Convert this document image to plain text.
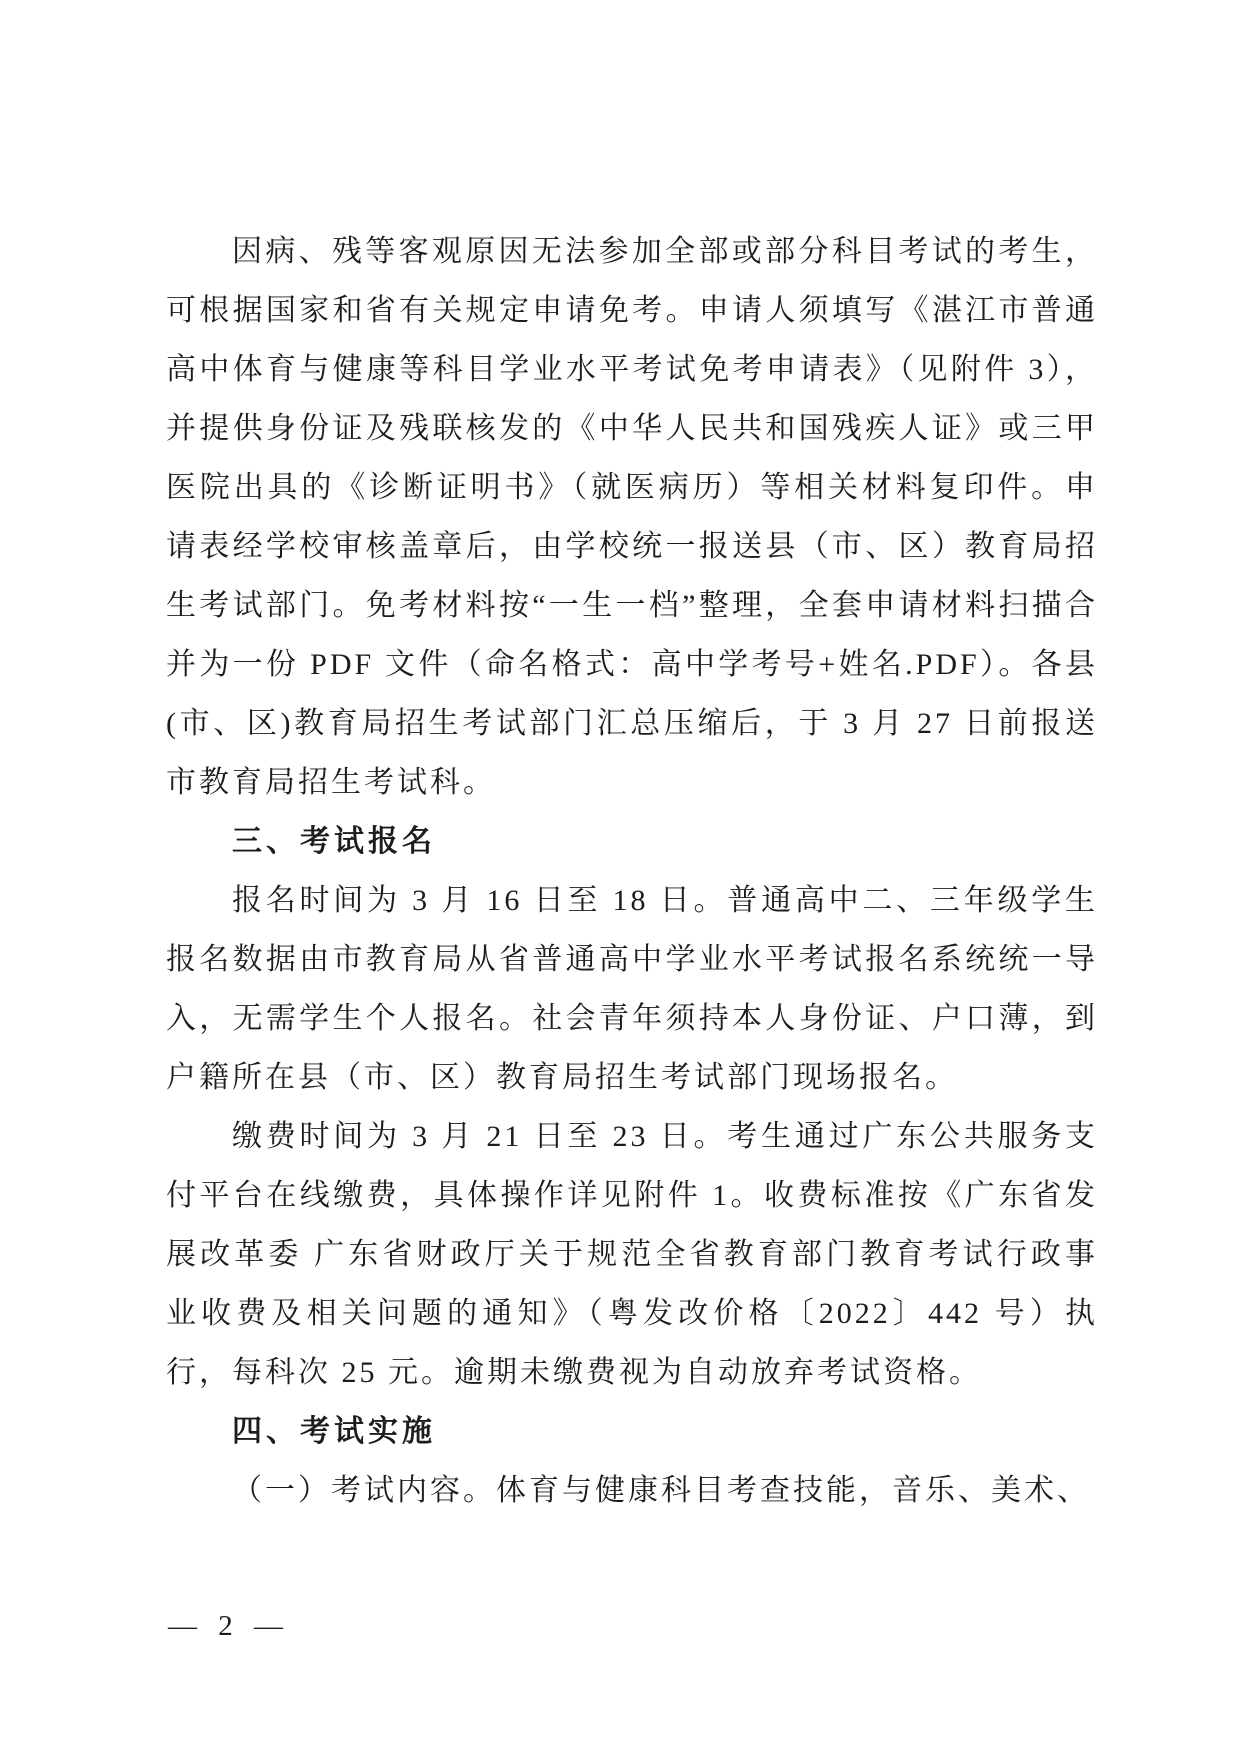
因病、残等客观原因无法参加全部或部分科目考试的考生，可根据国家和省有关规定申请免考。申请人须填写《湛江市普通高中体育与健康等科目学业水平考试免考申请表》（见附件 3），并提供身份证及残联核发的《中华人民共和国残疾人证》或三甲医院出具的《诊断证明书》（就医病历）等相关材料复印件。申请表经学校审核盖章后，由学校统一报送县（市、区）教育局招生考试部门。免考材料按“一生一档”整理，全套申请材料扫描合并为一份 PDF 文件（命名格式：高中学考号+姓名.PDF）。各县(市、区)教育局招生考试部门汇总压缩后，于 3 月 27 日前报送市教育局招生考试科。

三、考试报名

报名时间为 3 月 16 日至 18 日。普通高中二、三年级学生报名数据由市教育局从省普通高中学业水平考试报名系统统一导入，无需学生个人报名。社会青年须持本人身份证、户口薄，到户籍所在县（市、区）教育局招生考试部门现场报名。

缴费时间为 3 月 21 日至 23 日。考生通过广东公共服务支付平台在线缴费，具体操作详见附件 1。收费标准按《广东省发展改革委 广东省财政厅关于规范全省教育部门教育考试行政事业收费及相关问题的通知》（粤发改价格〔2022〕442 号）执行，每科次 25 元。逾期未缴费视为自动放弃考试资格。

四、考试实施

（一）考试内容。体育与健康科目考查技能，音乐、美术、

— 2 —
